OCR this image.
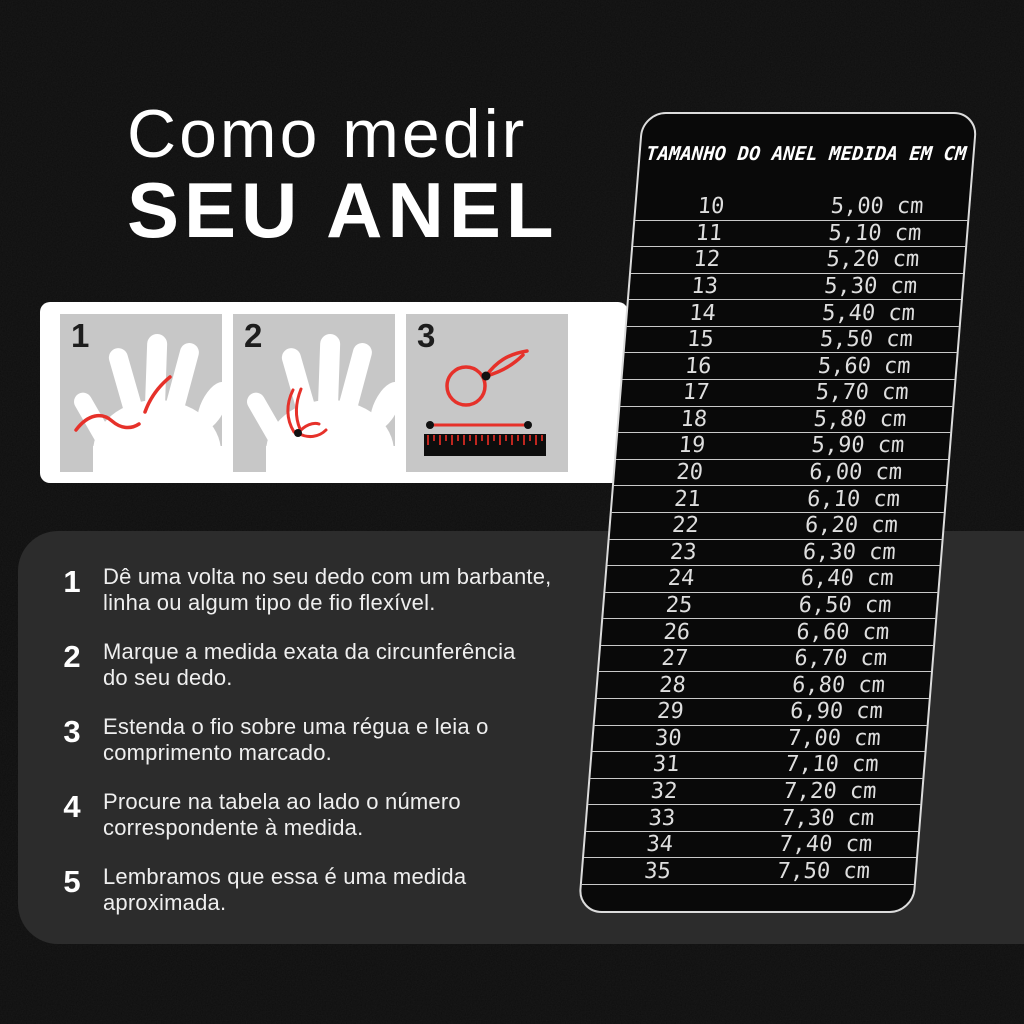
Como medir
SEU ANEL
1	2	3
1 Dê uma volta no seu dedo com um barbante,
linha ou algum tipo de fio flexível.
2 Marque a medida exata da circunferência
do seu dedo.
3 Estenda o fio sobre uma régua e leia o
comprimento marcado.
4 Procure na tabela ao lado o número
correspondente à medida.
5 Lembramos que essa é uma medida
aproximada.
TAMANHO DO ANEL MEDIDA EM CM
10	5,00 cm
11	5,10 cm
12	5,20 cm
13	5,30 cm
14	5,40 cm
15	5,50 cm
16	5,60 cm
17	5,70 cm
18	5,80 cm
19	5,90 cm
20	6,00 cm
21	6,10 cm
22	6,20 cm
23	6,30 cm
24	6,40 cm
25	6,50 cm
26	6,60 cm
27	6,70 cm
28	6,80 cm
29	6,90 cm
30	7,00 cm
31	7,10 cm
32	7,20 cm
33	7,30 cm
34	7,40 cm
35	7,50 cm
